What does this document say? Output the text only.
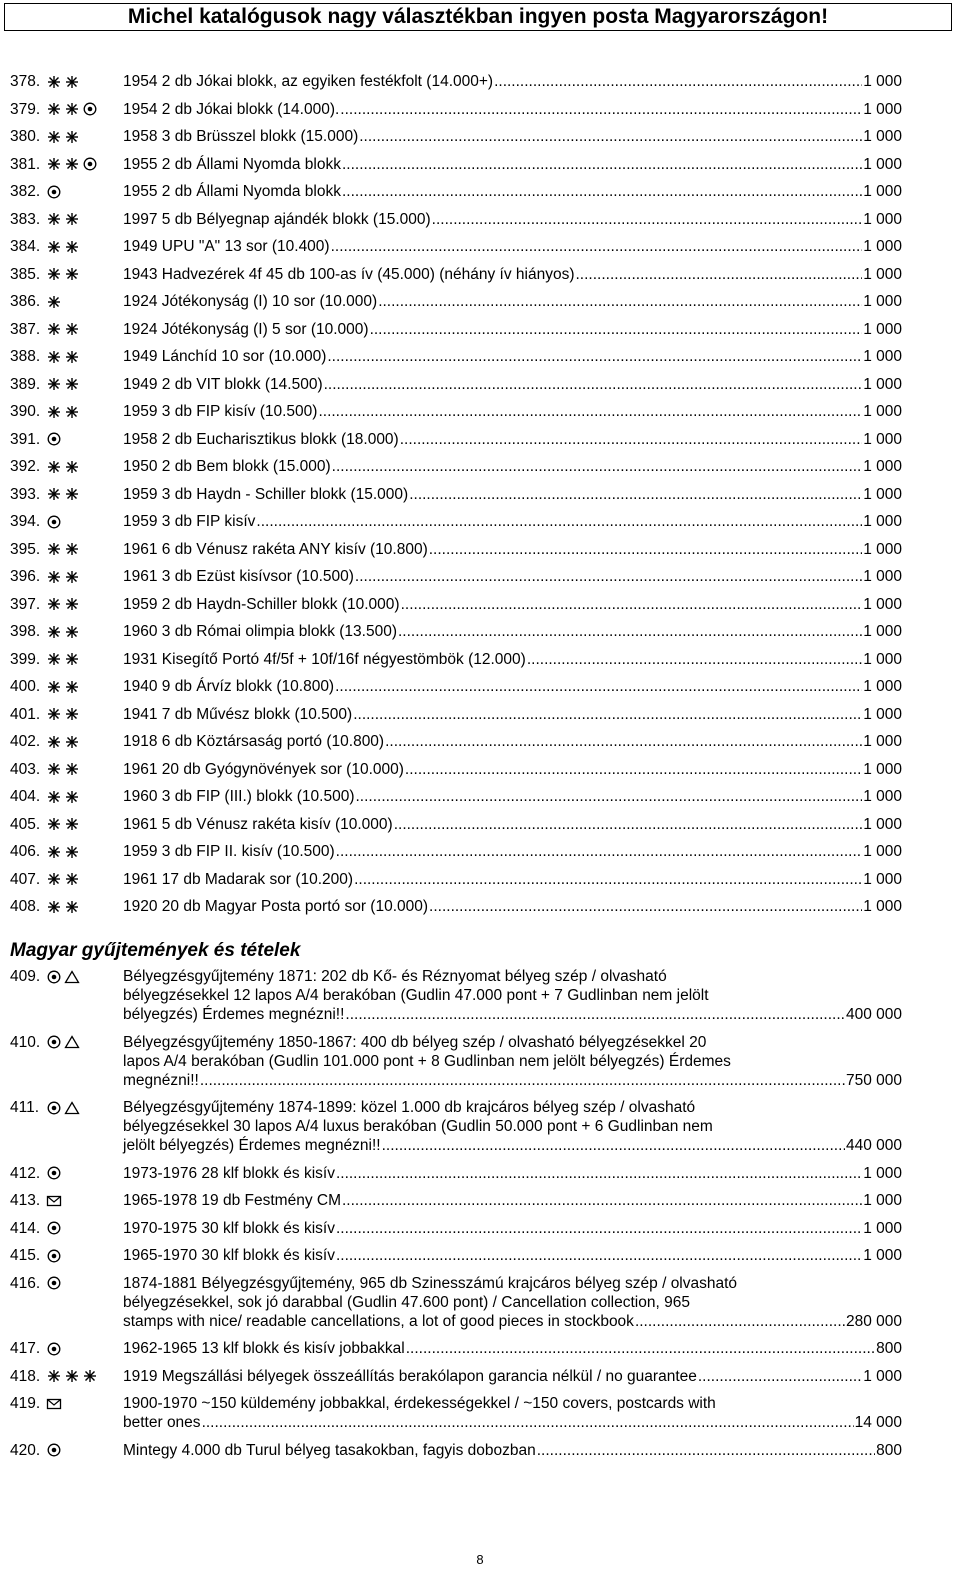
Michel katalógusok nagy választékban ingyen posta Magyarországon!
378.	1954 2 db Jókai blokk, az egyiken festékfolt (14.000+) .....	1 000
379.	1954 2 db Jókai blokk (14.000). .....	1 000
380.	1958 3 db Brüsszel blokk (15.000) .....	1 000
381.	1955 2 db Állami Nyomda blokk .....	1 000
382.	1955 2 db Állami Nyomda blokk .....	1 000
383.	1997 5 db Bélyegnap ajándék blokk (15.000) .....	1 000
384.	1949 UPU "A" 13 sor (10.400) .....	1 000
385.	1943 Hadvezérek 4f 45 db 100-as ív (45.000) (néhány ív hiányos) .....	1 000
386.	1924 Jótékonyság (I) 10 sor (10.000) .....	1 000
387.	1924 Jótékonyság (I) 5 sor (10.000) .....	1 000
388.	1949 Lánchíd 10 sor (10.000) .....	1 000
389.	1949 2 db VIT blokk (14.500) .....	1 000
390.	1959 3 db FIP kisív (10.500) .....	1 000
391.	1958 2 db Eucharisztikus blokk (18.000) .....	1 000
392.	1950 2 db Bem blokk (15.000) .....	1 000
393.	1959 3 db Haydn - Schiller blokk (15.000) .....	1 000
394.	1959 3 db FIP kisív .....	1 000
395.	1961 6 db Vénusz rakéta ANY kisív (10.800) .....	1 000
396.	1961 3 db Ezüst kisívsor (10.500) .....	1 000
397.	1959 2 db Haydn-Schiller blokk (10.000) .....	1 000
398.	1960 3 db Római olimpia blokk (13.500) .....	1 000
399.	1931 Kisegítő Portó 4f/5f + 10f/16f négyestömbök (12.000) .....	1 000
400.	1940 9 db Árvíz blokk (10.800) .....	1 000
401.	1941 7 db Művész blokk (10.500) .....	1 000
402.	1918 6 db Köztársaság portó (10.800) .....	1 000
403.	1961 20 db Gyógynövények sor (10.000) .....	1 000
404.	1960 3 db FIP (III.) blokk (10.500) .....	1 000
405.	1961 5 db Vénusz rakéta kisív (10.000) .....	1 000
406.	1959 3 db FIP II. kisív (10.500) .....	1 000
407.	1961 17 db Madarak sor (10.200) .....	1 000
408.	1920 20 db Magyar Posta portó sor (10.000) .....	1 000
Magyar gyűjtemények és tételek
409.	Bélyegzésgyűjtemény 1871: 202 db Kő- és Réznyomat bélyeg szép / olvasható
bélyegzésekkel 12 lapos A/4 berakóban (Gudlin 47.000 pont + 7 Gudlinban nem jelölt
bélyegzés) Érdemes megnézni!! .....	400 000
410.	Bélyegzésgyűjtemény 1850-1867: 400 db bélyeg szép / olvasható bélyegzésekkel 20
lapos A/4 berakóban (Gudlin 101.000 pont + 8 Gudlinban nem jelölt bélyegzés) Érdemes
megnézni!! .....	750 000
411.	Bélyegzésgyűjtemény 1874-1899: közel 1.000 db krajcáros bélyeg szép / olvasható
bélyegzésekkel 30 lapos A/4 luxus berakóban (Gudlin 50.000 pont + 6 Gudlinban nem
jelölt bélyegzés) Érdemes megnézni!! .....	440 000
412.	1973-1976 28 klf blokk és kisív .....	1 000
413.	1965-1978 19 db Festmény CM .....	1 000
414.	1970-1975 30 klf blokk és kisív .....	1 000
415.	1965-1970 30 klf blokk és kisív .....	1 000
416.	1874-1881 Bélyegzésgyűjtemény, 965 db Szinesszámú krajcáros bélyeg szép / olvasható
bélyegzésekkel, sok jó darabbal (Gudlin 47.600 pont) / Cancellation collection, 965
stamps with nice/ readable cancellations, a lot of good pieces in stockbook .....	280 000
417.	1962-1965 13 klf blokk és kisív jobbakkal .....	800
418.	1919 Megszállási bélyegek összeállítás berakólapon garancia nélkül / no guarantee .....	1 000
419.	1900-1970 ~150 küldemény jobbakkal, érdekességekkel / ~150 covers, postcards with
better ones .....	14 000
420.	Mintegy 4.000 db Turul bélyeg tasakokban, fagyis dobozban .....	800
8
